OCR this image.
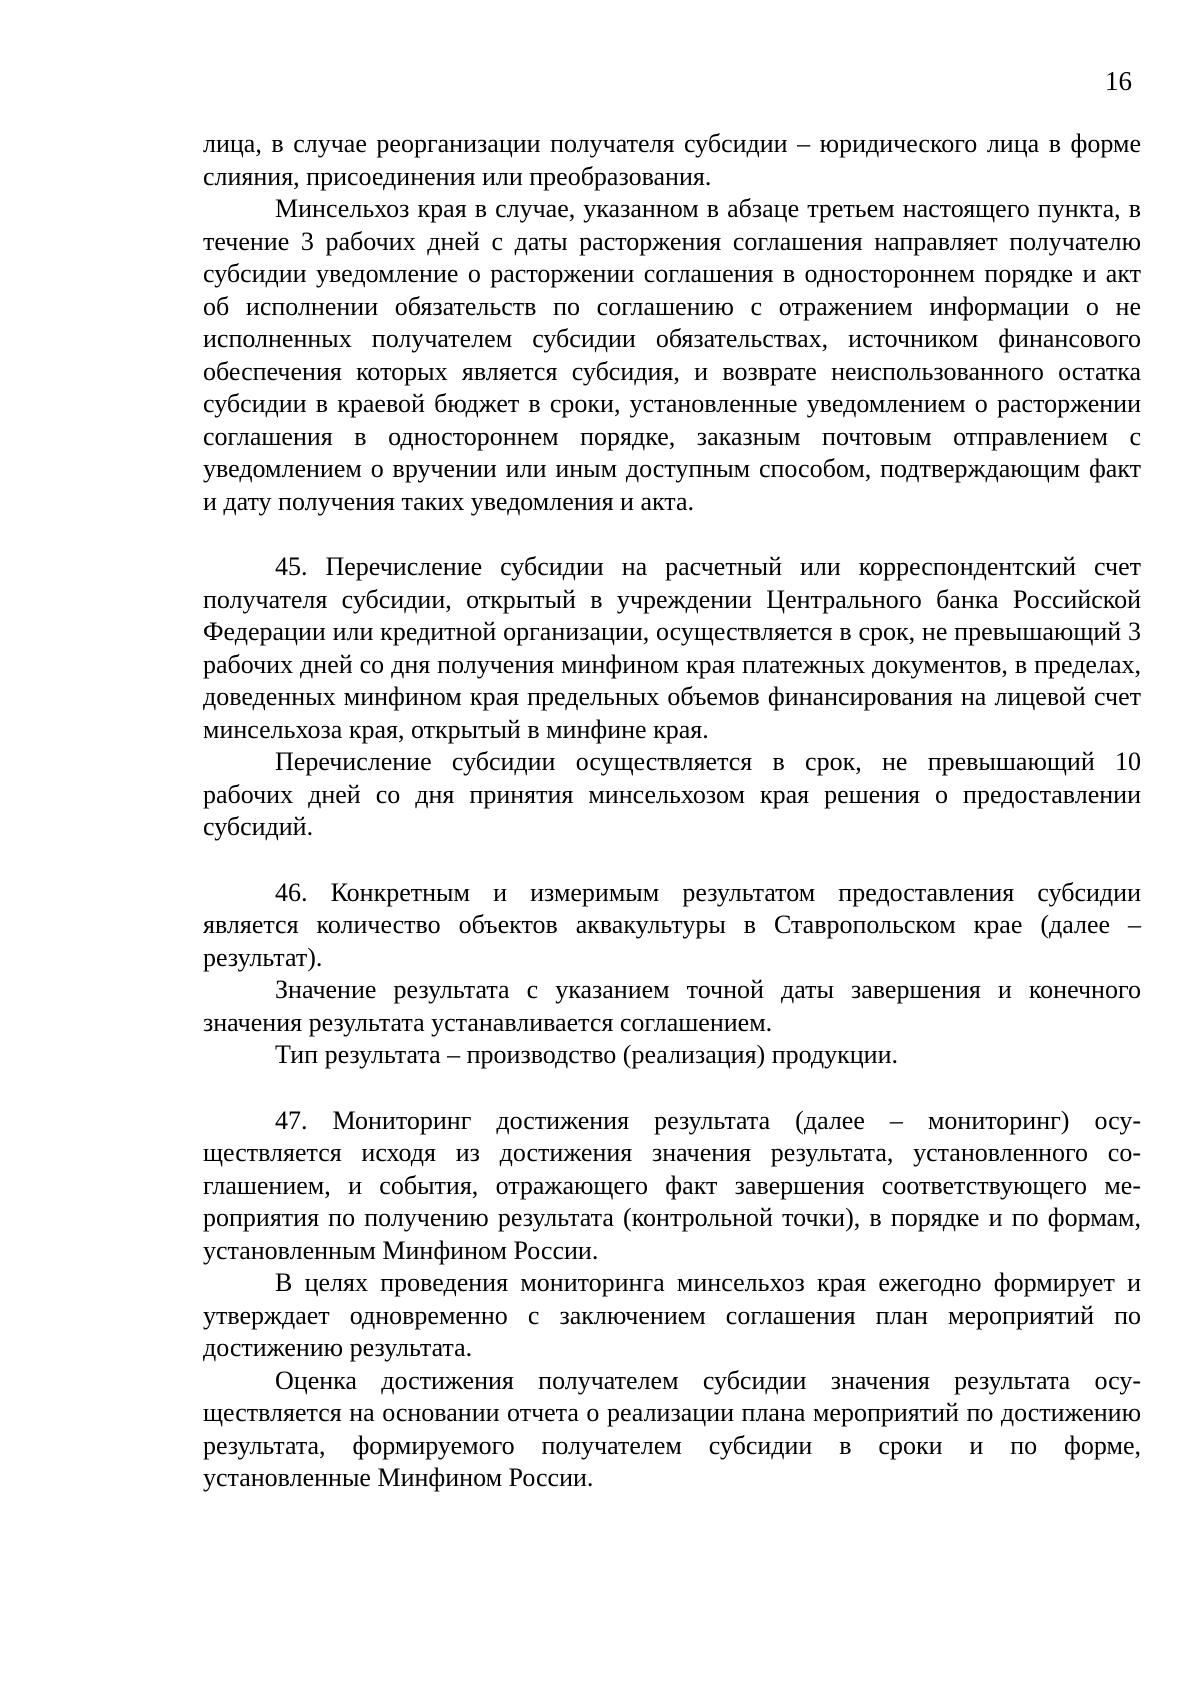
16

лица, в случае реорганизации получателя субсидии – юридического лица в форме слияния, присоединения или преобразования.

Минсельхоз края в случае, указанном в абзаце третьем настоящего пункта, в течение 3 рабочих дней с даты расторжения соглашения направляет получателю субсидии уведомление о расторжении соглашения в одностороннем порядке и акт об исполнении обязательств по соглашению с отражением информации о не исполненных получателем субсидии обязательствах, источником финансового обеспечения которых является субсидия, и возврате неиспользованного остатка субсидии в краевой бюджет в сроки, установленные уведомлением о расторжении соглашения в одностороннем порядке, заказным почтовым отправлением с уведомлением о вручении или иным доступным способом, подтверждающим факт и дату получения таких уведомления и акта.

45. Перечисление субсидии на расчетный или корреспондентский счет получателя субсидии, открытый в учреждении Центрального банка Российской Федерации или кредитной организации, осуществляется в срок, не превышающий 3 рабочих дней со дня получения минфином края платежных документов, в пределах, доведенных минфином края предельных объемов финансирования на лицевой счет минсельхоза края, открытый в минфине края.

Перечисление субсидии осуществляется в срок, не превышающий 10 рабочих дней со дня принятия минсельхозом края решения о предоставлении субсидий.

46. Конкретным и измеримым результатом предоставления субсидии является количество объектов аквакультуры в Ставропольском крае (далее – результат).

Значение результата с указанием точной даты завершения и конечного значения результата устанавливается соглашением.

Тип результата – производство (реализация) продукции.

47. Мониторинг достижения результата (далее – мониторинг) осуществляется исходя из достижения значения результата, установленного соглашением, и события, отражающего факт завершения соответствующего мероприятия по получению результата (контрольной точки), в порядке и по формам, установленным Минфином России.

В целях проведения мониторинга минсельхоз края ежегодно формирует и утверждает одновременно с заключением соглашения план мероприятий по достижению результата.

Оценка достижения получателем субсидии значения результата осуществляется на основании отчета о реализации плана мероприятий по достижению результата, формируемого получателем субсидии в сроки и по форме, установленные Минфином России.
